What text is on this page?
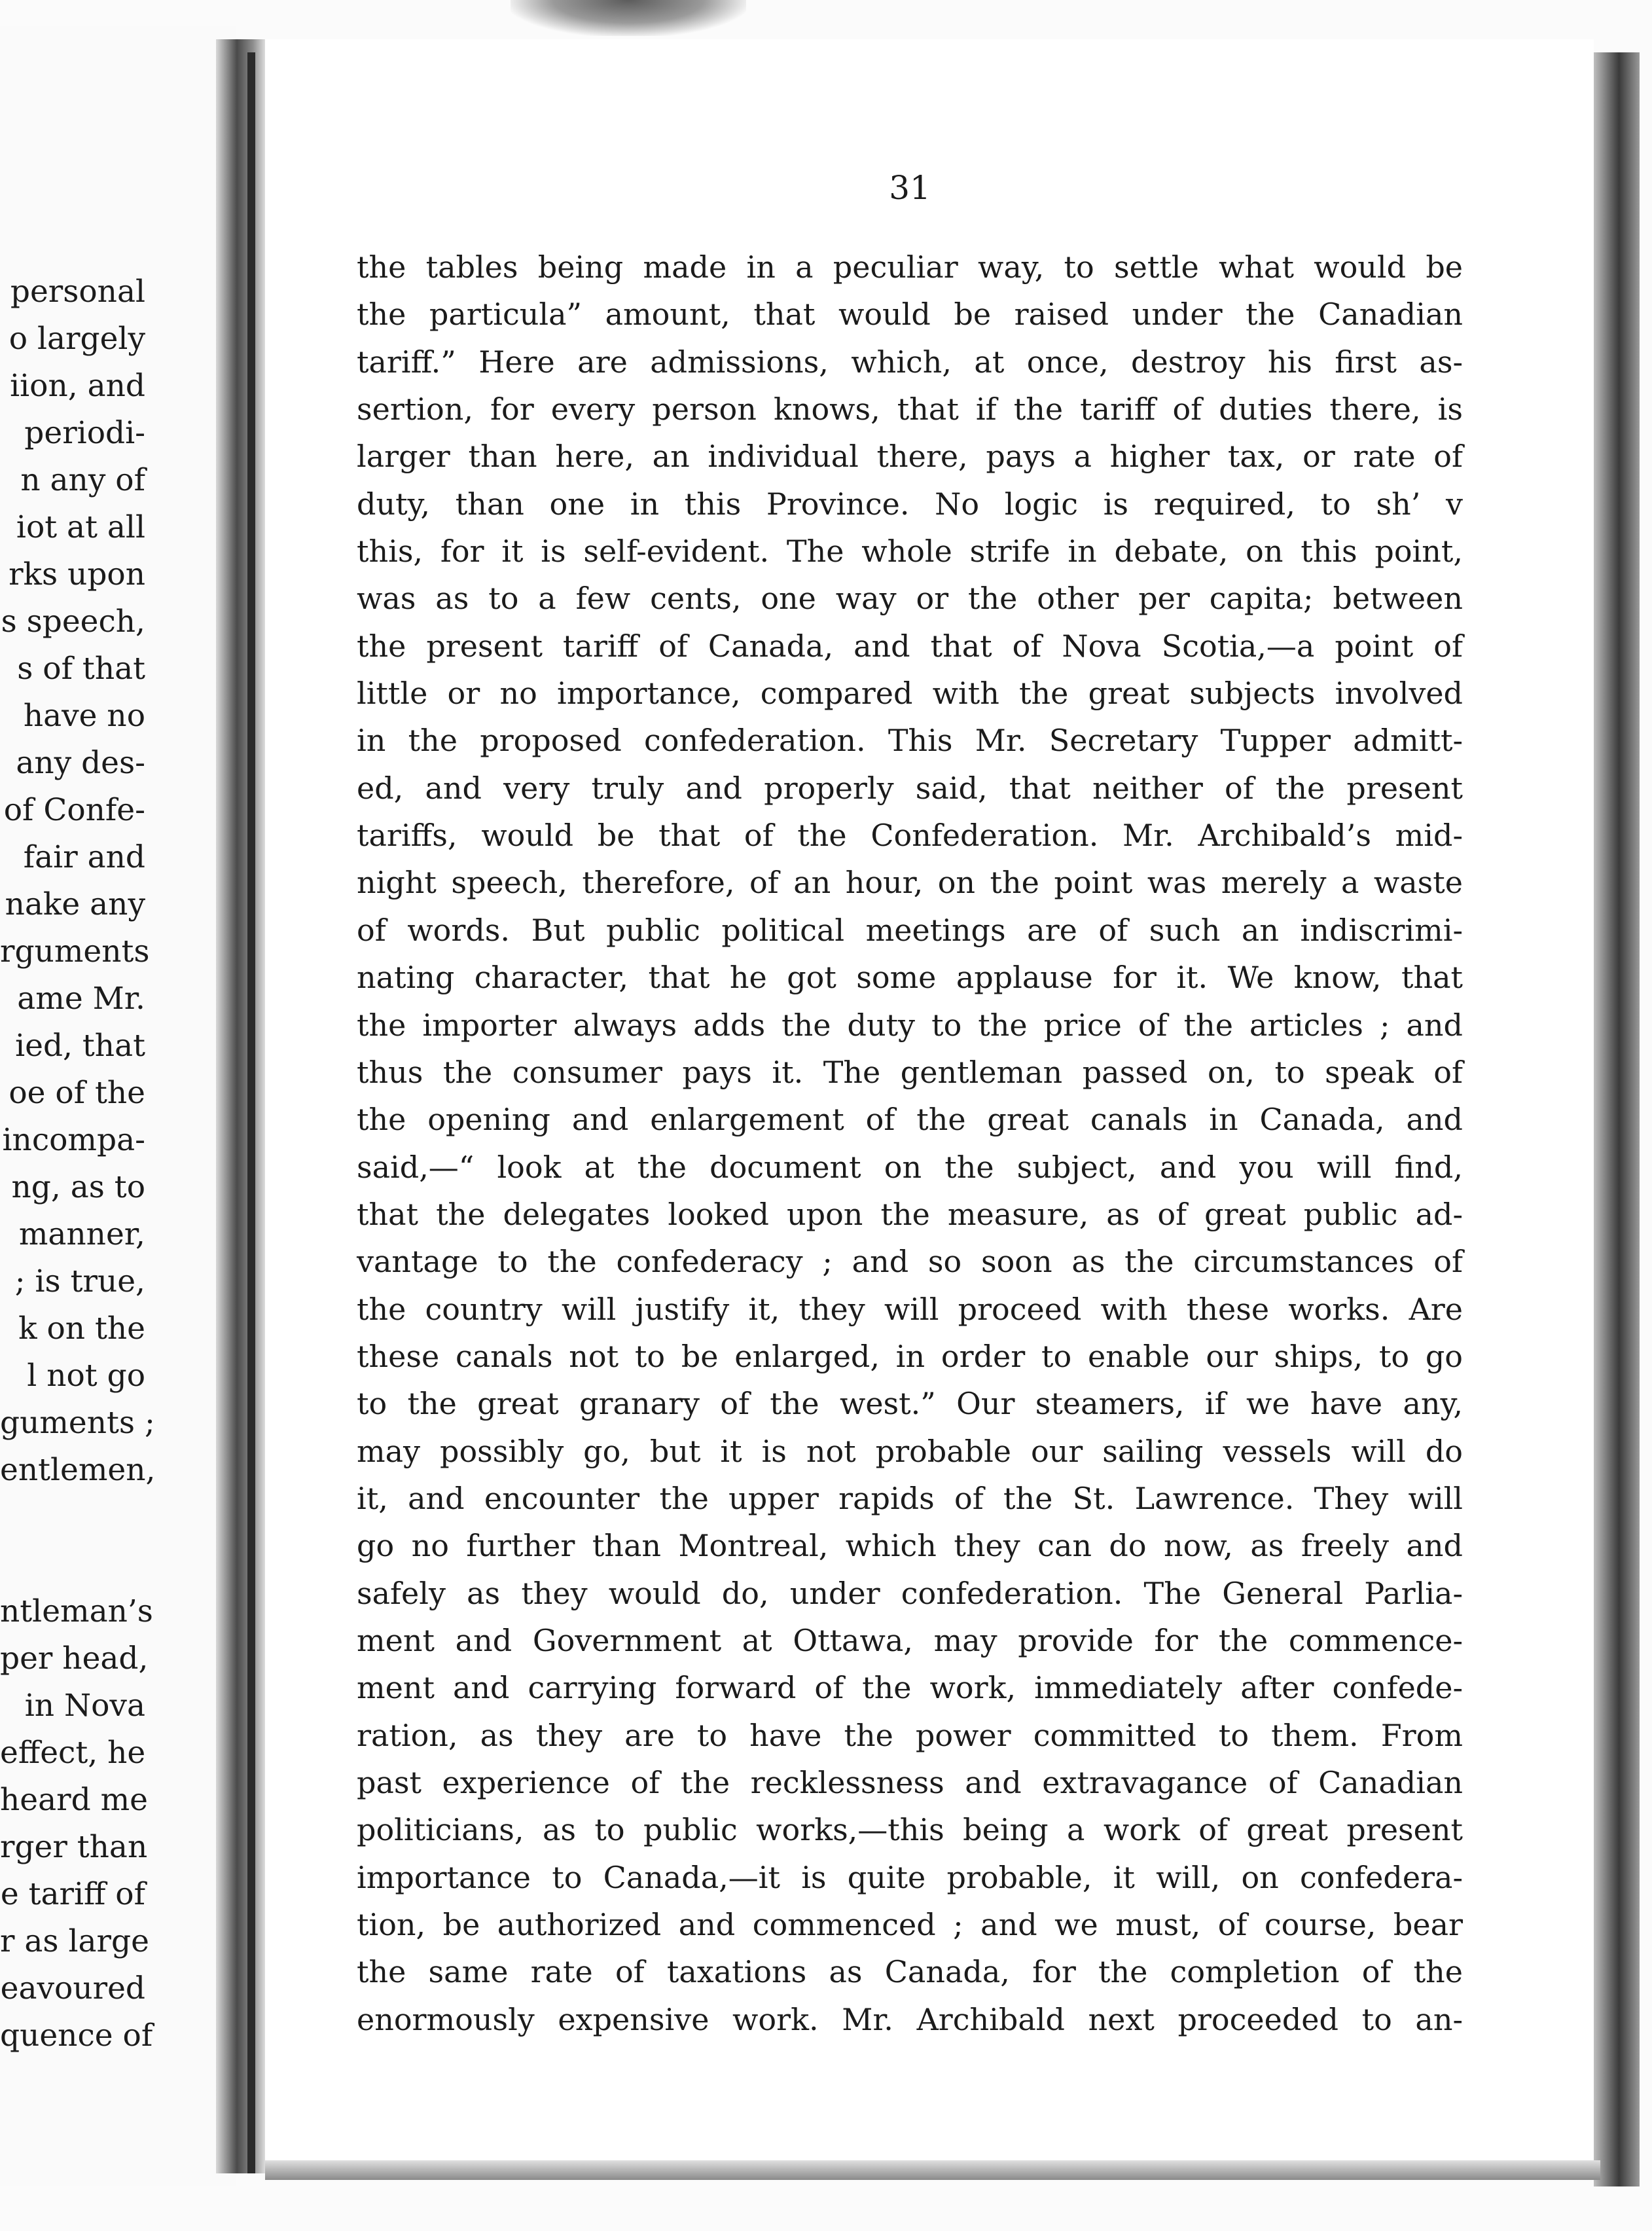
personal
o largely
iion, and
periodi-
n any of
iot at all
rks upon
s speech,
s of that
have no
any des-
of Confe-
fair and
nake any
rguments
ame Mr.
ied, that
oe of the
incompa-
ng, as to
manner,
; is true,
k on the
l not go
guments ;
entlemen,
ntleman’s
per head,
in Nova
effect, he
heard me
rger than
e tariff of
r as large
eavoured
quence of
31
the tables being made in a peculiar way, to settle what would be
the particula” amount, that would be raised under the Canadian
tariff.” Here are admissions, which, at once, destroy his first as-
sertion, for every person knows, that if the tariff of duties there, is
larger than here, an individual there, pays a higher tax, or rate of
duty, than one in this Province. No logic is required, to sh’ v
this, for it is self-evident. The whole strife in debate, on this point,
was as to a few cents, one way or the other per capita; between
the present tariff of Canada, and that of Nova Scotia,—a point of
little or no importance, compared with the great subjects involved
in the proposed confederation. This Mr. Secretary Tupper admitt-
ed, and very truly and properly said, that neither of the present
tariffs, would be that of the Confederation. Mr. Archibald’s mid-
night speech, therefore, of an hour, on the point was merely a waste
of words. But public political meetings are of such an indiscrimi-
nating character, that he got some applause for it. We know, that
the importer always adds the duty to the price of the articles ; and
thus the consumer pays it. The gentleman passed on, to speak of
the opening and enlargement of the great canals in Canada, and
said,—“ look at the document on the subject, and you will find,
that the delegates looked upon the measure, as of great public ad-
vantage to the confederacy ; and so soon as the circumstances of
the country will justify it, they will proceed with these works. Are
these canals not to be enlarged, in order to enable our ships, to go
to the great granary of the west.” Our steamers, if we have any,
may possibly go, but it is not probable our sailing vessels will do
it, and encounter the upper rapids of the St. Lawrence. They will
go no further than Montreal, which they can do now, as freely and
safely as they would do, under confederation. The General Parlia-
ment and Government at Ottawa, may provide for the commence-
ment and carrying forward of the work, immediately after confede-
ration, as they are to have the power committed to them. From
past experience of the recklessness and extravagance of Canadian
politicians, as to public works,—this being a work of great present
importance to Canada,—it is quite probable, it will, on confedera-
tion, be authorized and commenced ; and we must, of course, bear
the same rate of taxations as Canada, for the completion of the
enormously expensive work. Mr. Archibald next proceeded to an-
